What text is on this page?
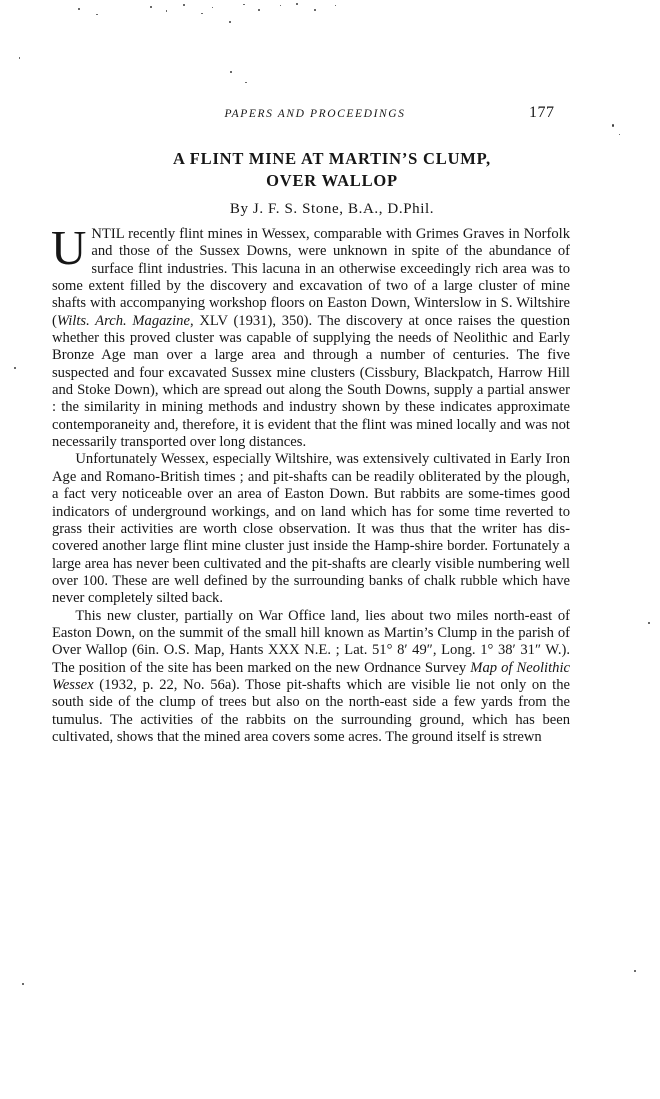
PAPERS AND PROCEEDINGS	177
A FLINT MINE AT MARTIN’S CLUMP,
OVER WALLOP
By J. F. S. Stone, B.A., D.Phil.

UNTIL recently flint mines in Wessex, comparable with Grimes Graves in Norfolk and those of the Sussex Downs, were unknown in spite of the abundance of surface flint industries. This lacuna in an otherwise exceedingly rich area was to some extent filled by the discovery and excavation of two of a large cluster of mine shafts with accompanying workshop floors on Easton Down, Winterslow in S. Wiltshire (Wilts. Arch. Magazine, XLV (1931), 350). The discovery at once raises the question whether this proved cluster was capable of supplying the needs of Neolithic and Early Bronze Age man over a large area and through a number of centuries. The five suspected and four excavated Sussex mine clusters (Cissbury, Blackpatch, Harrow Hill and Stoke Down), which are spread out along the South Downs, supply a partial answer : the similarity in mining methods and industry shown by these indicates approximate contemporaneity and, therefore, it is evident that the flint was mined locally and was not necessarily transported over long distances.

Unfortunately Wessex, especially Wiltshire, was extensively cultivated in Early Iron Age and Romano-British times ; and pit-shafts can be readily obliterated by the plough, a fact very noticeable over an area of Easton Down. But rabbits are some-times good indicators of underground workings, and on land which has for some time reverted to grass their activities are worth close observation. It was thus that the writer has dis-covered another large flint mine cluster just inside the Hamp-shire border. Fortunately a large area has never been cultivated and the pit-shafts are clearly visible numbering well over 100. These are well defined by the surrounding banks of chalk rubble which have never completely silted back.

This new cluster, partially on War Office land, lies about two miles north-east of Easton Down, on the summit of the small hill known as Martin’s Clump in the parish of Over Wallop (6in. O.S. Map, Hants XXX N.E. ; Lat. 51° 8′ 49″, Long. 1° 38′ 31″ W.). The position of the site has been marked on the new Ordnance Survey Map of Neolithic Wessex (1932, p. 22, No. 56a). Those pit-shafts which are visible lie not only on the south side of the clump of trees but also on the north-east side a few yards from the tumulus. The activities of the rabbits on the surrounding ground, which has been cultivated, shows that the mined area covers some acres. The ground itself is strewn
